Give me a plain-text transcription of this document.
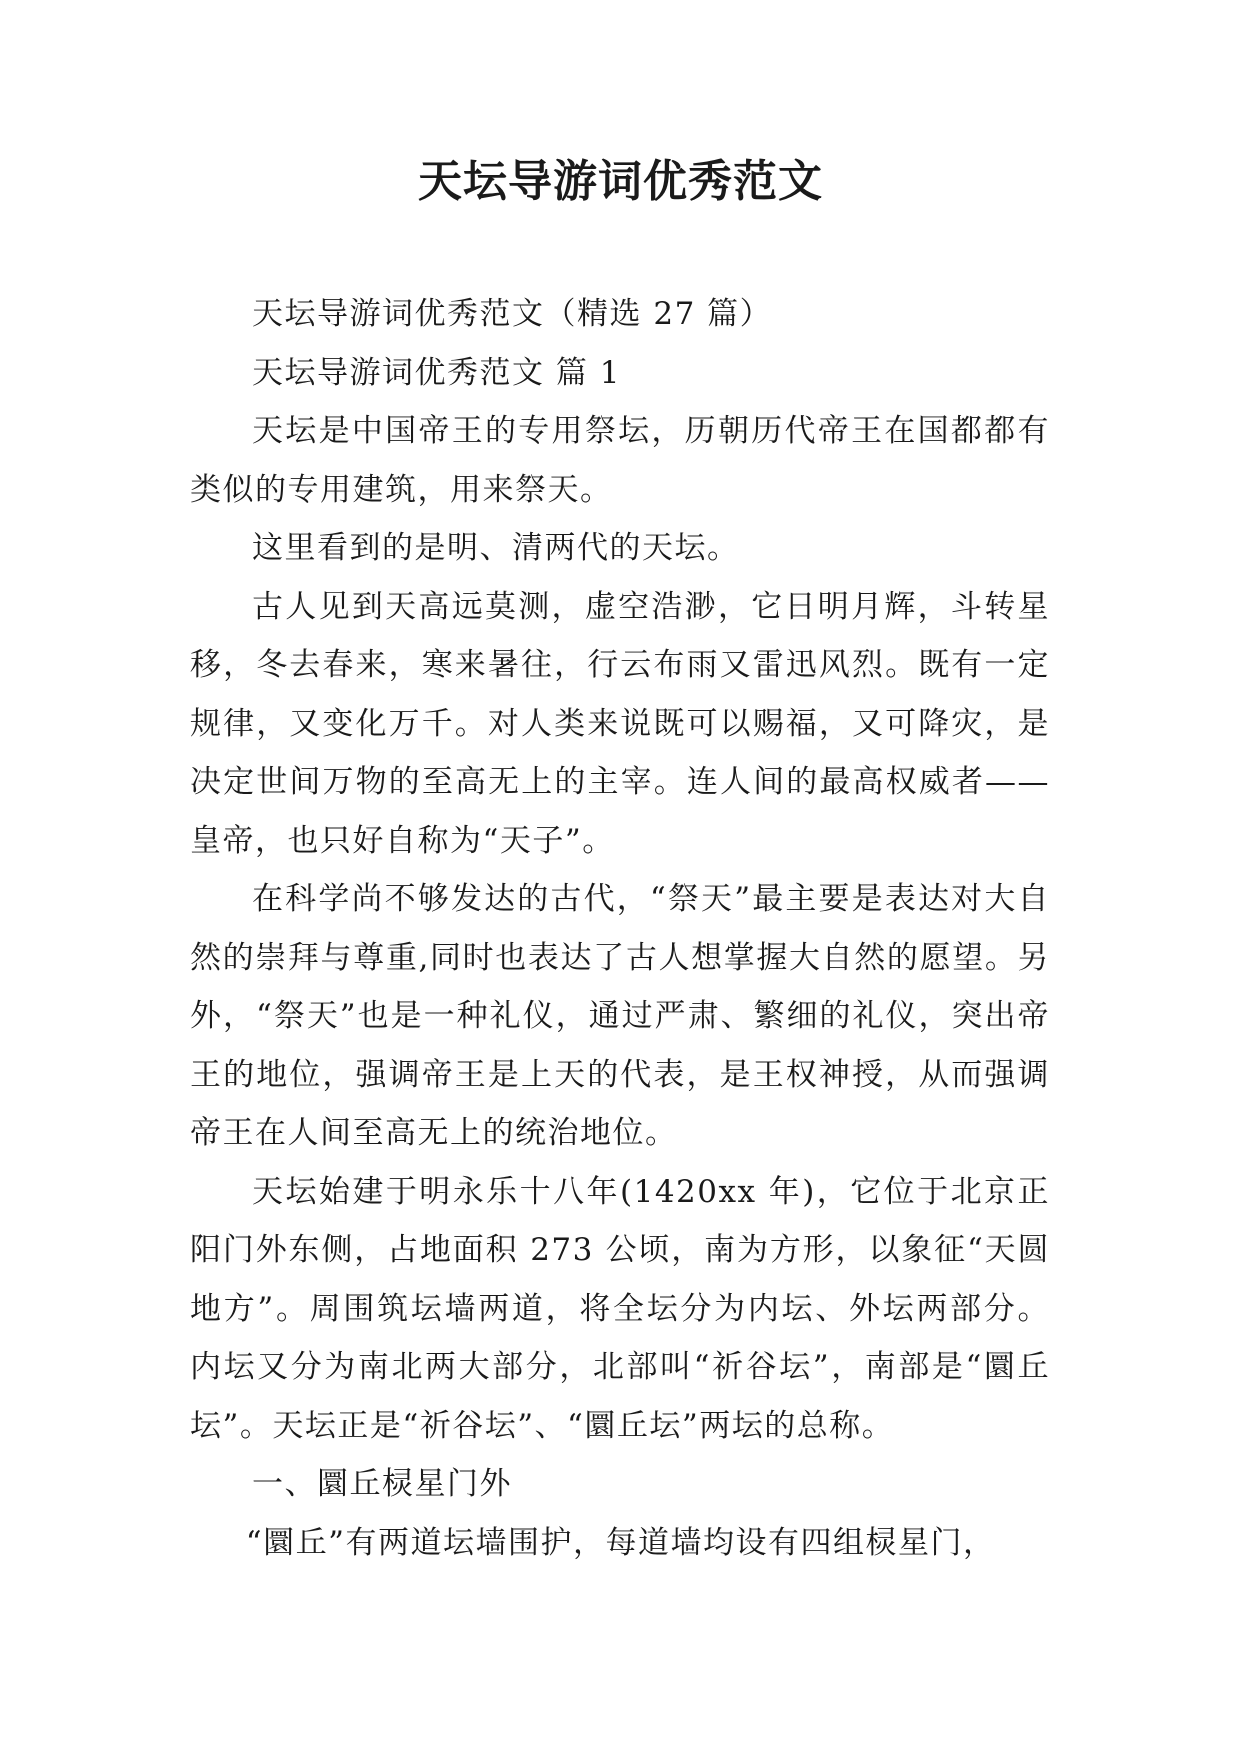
天坛导游词优秀范文

天坛导游词优秀范文（精选 27 篇）

天坛导游词优秀范文 篇 1

天坛是中国帝王的专用祭坛，历朝历代帝王在国都都有类似的专用建筑，用来祭天。

这里看到的是明、清两代的天坛。

古人见到天高远莫测，虚空浩渺，它日明月辉，斗转星移，冬去春来，寒来暑往，行云布雨又雷迅风烈。既有一定规律，又变化万千。对人类来说既可以赐福，又可降灾，是决定世间万物的至高无上的主宰。连人间的最高权威者——皇帝，也只好自称为“天子”。

在科学尚不够发达的古代，“祭天”最主要是表达对大自然的崇拜与尊重,同时也表达了古人想掌握大自然的愿望。另外，“祭天”也是一种礼仪，通过严肃、繁细的礼仪，突出帝王的地位，强调帝王是上天的代表，是王权神授，从而强调帝王在人间至高无上的统治地位。

天坛始建于明永乐十八年(1420xx 年)，它位于北京正阳门外东侧，占地面积 273 公顷，南为方形，以象征“天圆地方”。周围筑坛墙两道，将全坛分为内坛、外坛两部分。内坛又分为南北两大部分，北部叫“祈谷坛”，南部是“圜丘坛”。天坛正是“祈谷坛”、“圜丘坛”两坛的总称。

一、圜丘棂星门外

“圜丘”有两道坛墙围护，每道墙均设有四组棂星门，
